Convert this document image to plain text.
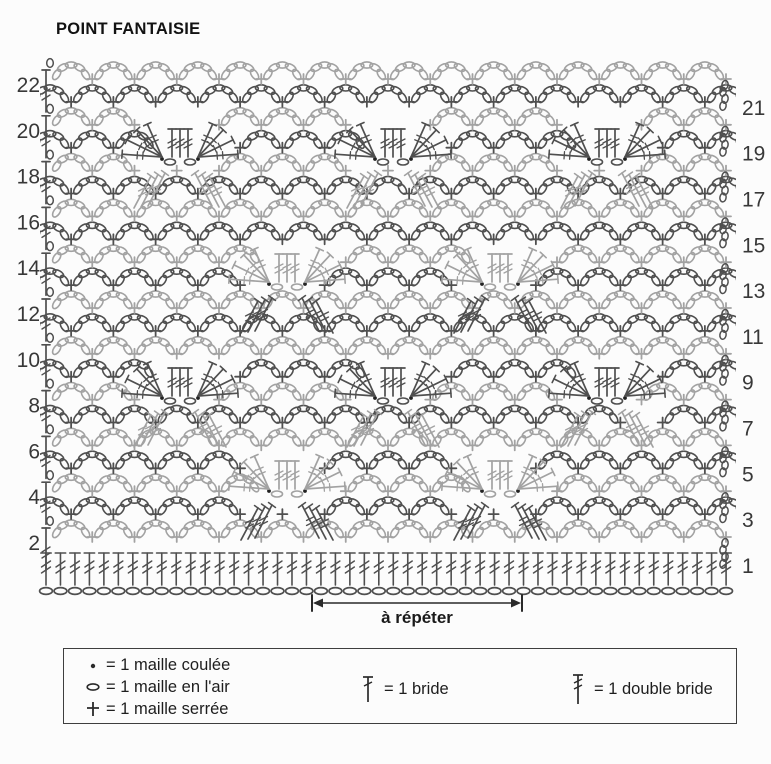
POINT FANTAISIE
22
20
18
16
14
12
10
8
6
4
2
21
19
17
15
13
11
9
7
5
3
1
à répéter
= 1 maille coulée
= 1 maille en l'air
= 1 maille serrée
= 1 bride	= 1 double bride
